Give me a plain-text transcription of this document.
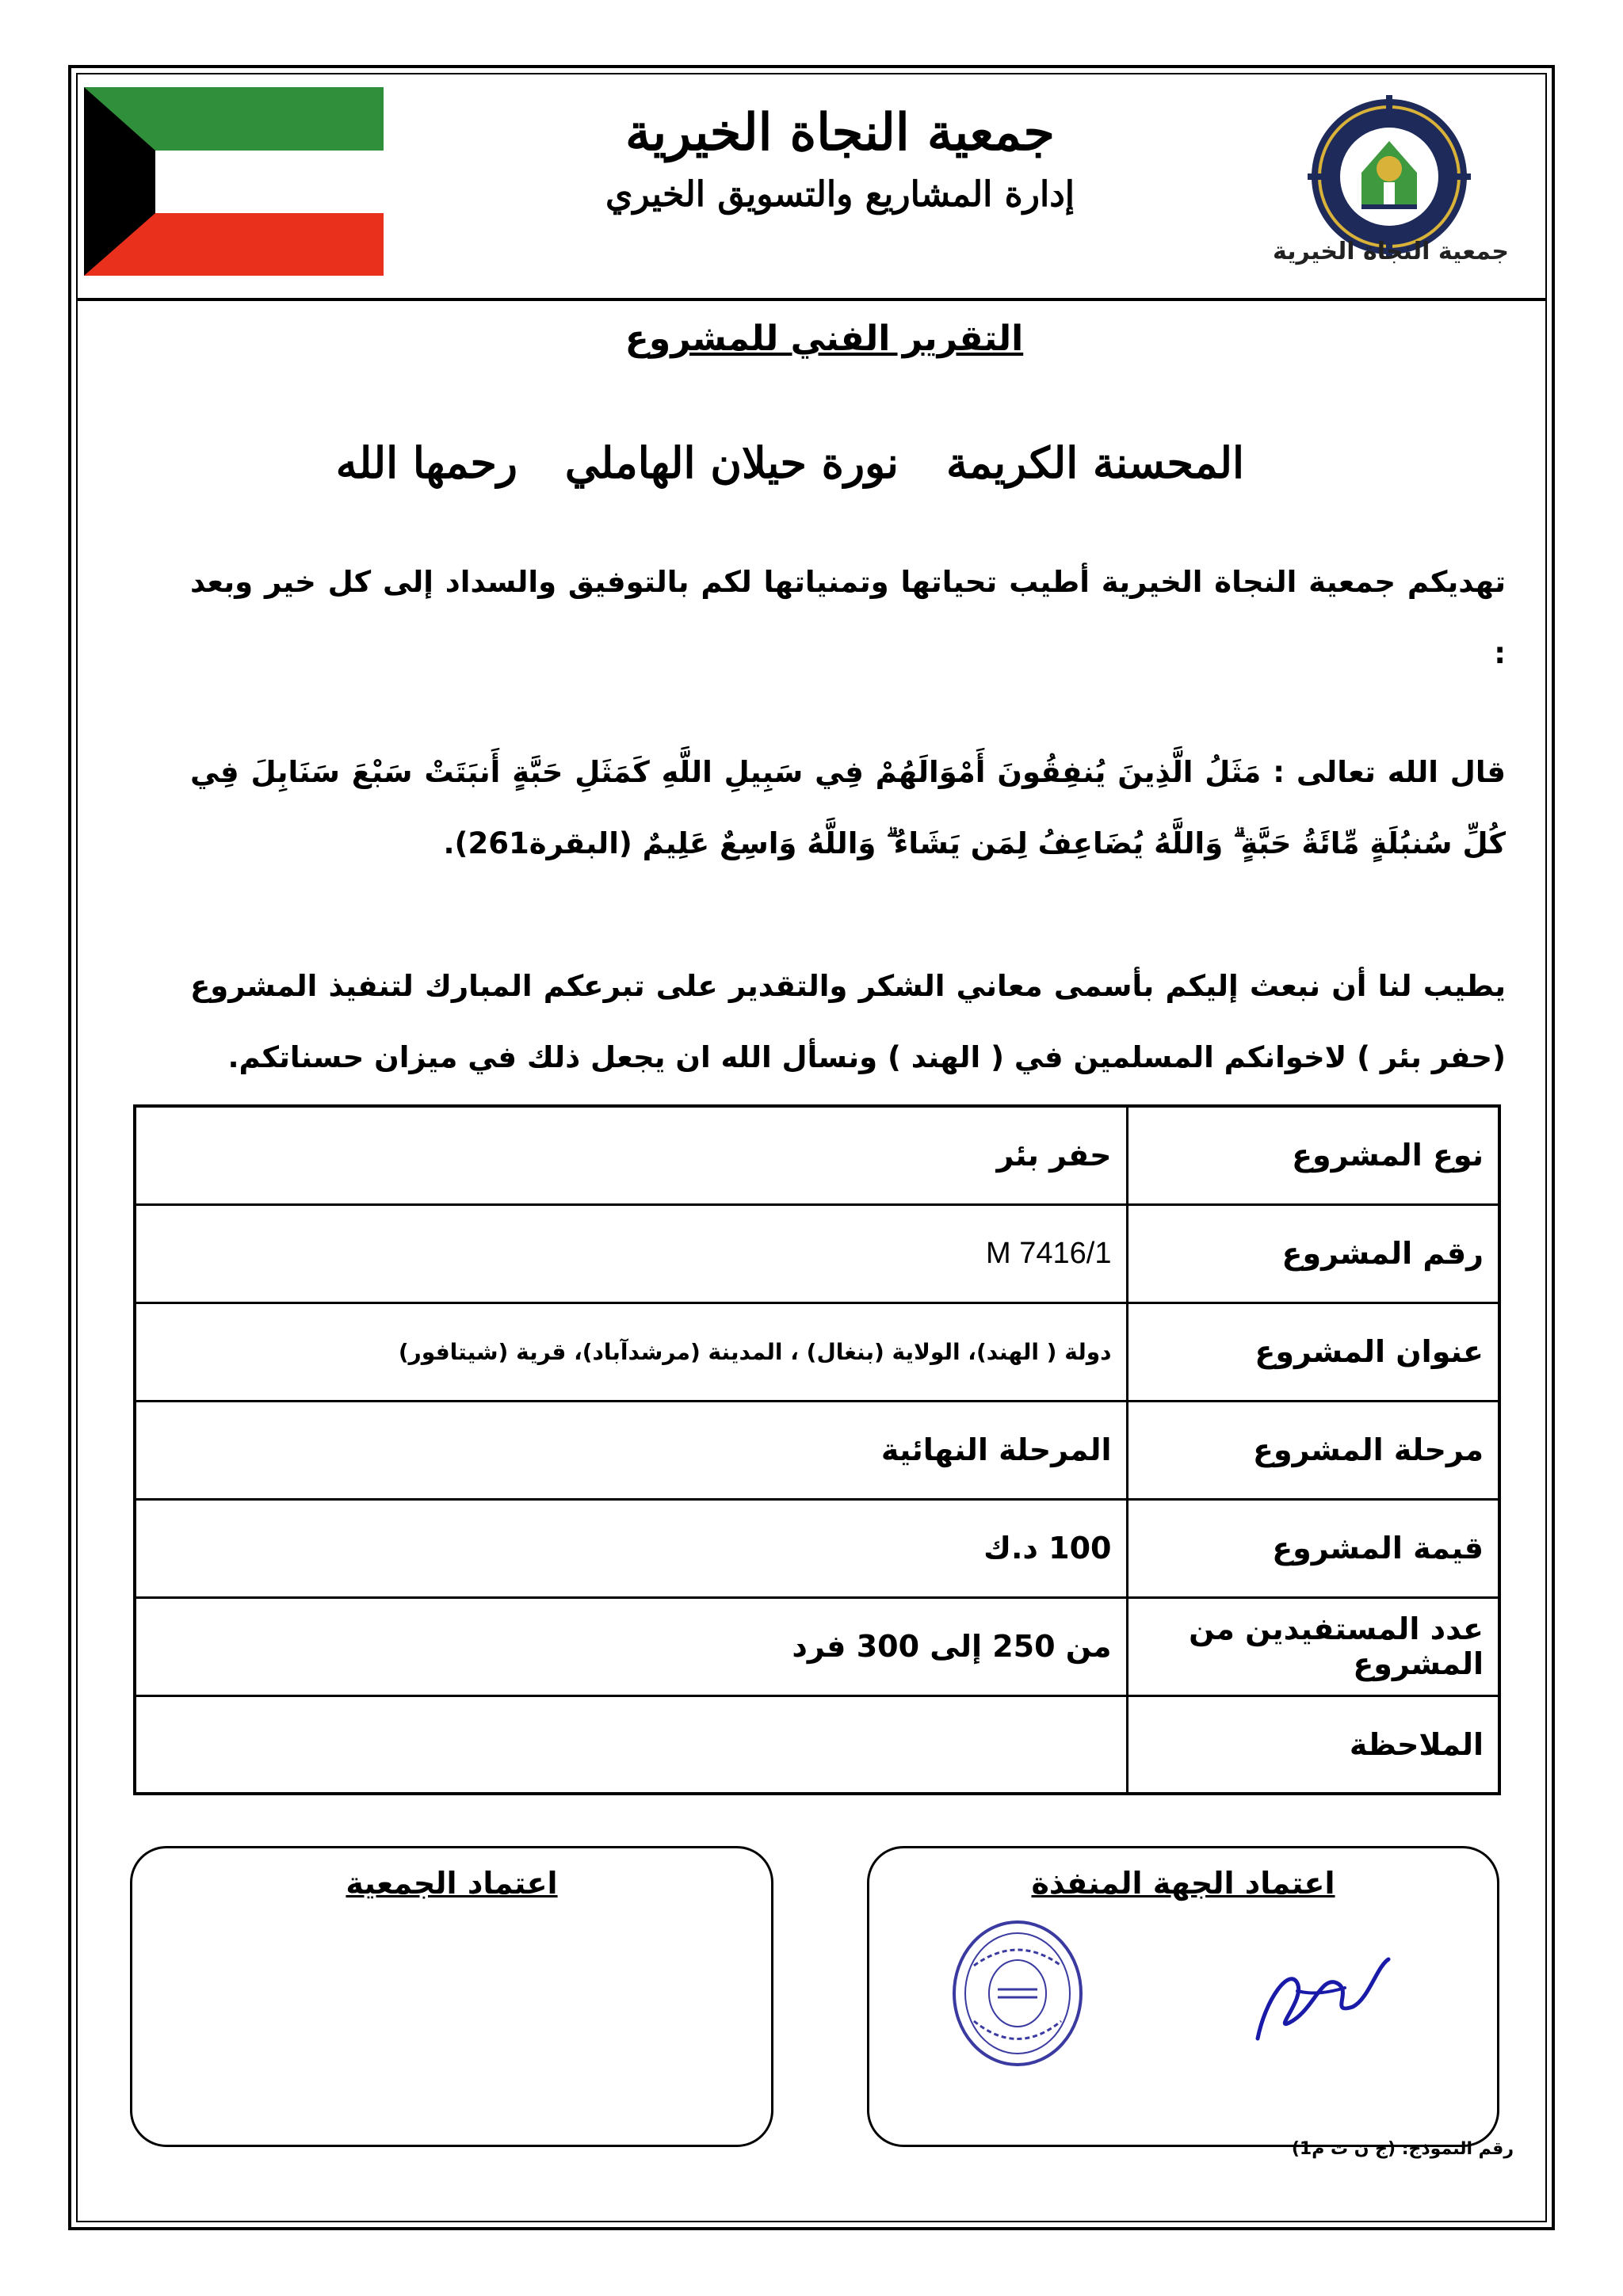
جمعية النجاة الخيرية
إدارة المشاريع والتسويق الخيري
جمعية النجاة الخيرية
التقرير الفني للمشروع
المحسنة الكريمة
نورة حيلان الهاملي
رحمها الله
تهديكم جمعية النجاة الخيرية أطيب تحياتها وتمنياتها لكم بالتوفيق والسداد إلى كل خير وبعد :
قال الله تعالى : مَثَلُ الَّذِينَ يُنفِقُونَ أَمْوَالَهُمْ فِي سَبِيلِ اللَّهِ كَمَثَلِ حَبَّةٍ أَنبَتَتْ سَبْعَ سَنَابِلَ فِي كُلِّ سُنبُلَةٍ مِّائَةُ حَبَّةٍ ۗ وَاللَّهُ يُضَاعِفُ لِمَن يَشَاءُ ۗ وَاللَّهُ وَاسِعٌ عَلِيمٌ (البقرة261).
يطيب لنا أن نبعث إليكم بأسمى معاني الشكر والتقدير على تبرعكم المبارك لتنفيذ المشروع (حفر بئر ) لاخوانكم المسلمين في ( الهند ) ونسأل الله ان يجعل ذلك في ميزان حسناتكم.
نوع المشروع	حفر بئر
رقم المشروع	M 7416/1
عنوان المشروع	دولة ( الهند)، الولاية (بنغال) ، المدينة (مرشدآباد)، قرية (شيتافور)
مرحلة المشروع	المرحلة النهائية
قيمة المشروع	100 د.ك
عدد المستفيدين من المشروع	من 250 إلى 300 فرد
الملاحظة	
اعتماد الجهة المنفذة
اعتماد الجمعية
رقم النموذج: (ج ن ت م1)
